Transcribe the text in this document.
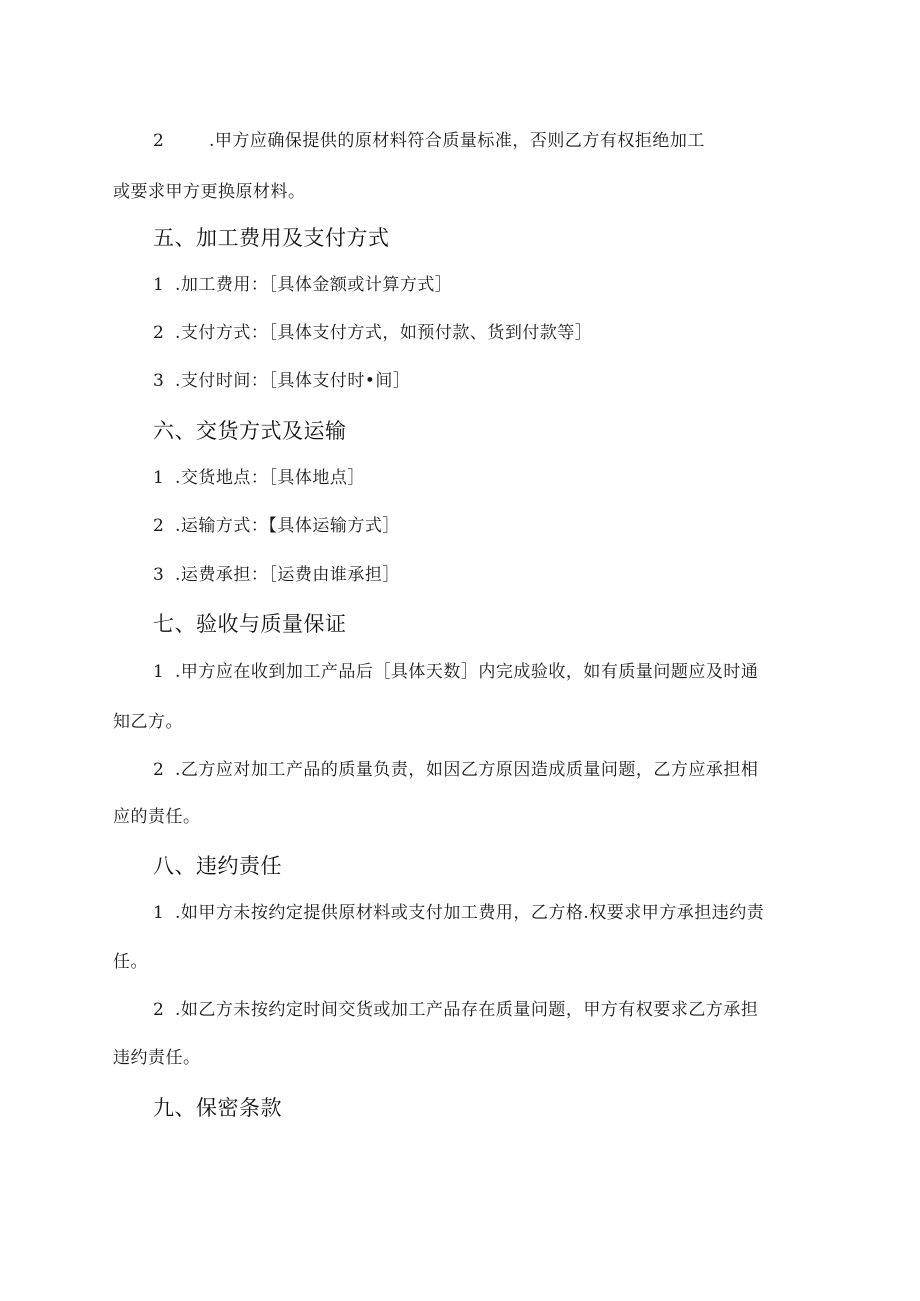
2	.甲方应确保提供的原材料符合质量标准，否则乙方有权拒绝加工
或要求甲方更换原材料。
五、加工费用及支付方式
1 .加工费用：［具体金额或计算方式］
2 .支付方式：［具体支付方式，如预付款、货到付款等］
3 .支付时间：［具体支付时•间］
六、交货方式及运输
1 .交货地点：［具体地点］
2 .运输方式：【具体运输方式］
3 .运费承担：［运费由谁承担］
七、验收与质量保证
1 .甲方应在收到加工产品后［具体天数］内完成验收，如有质量问题应及时通
知乙方。
2 .乙方应对加工产品的质量负责，如因乙方原因造成质量问题，乙方应承担相
应的责任。
八、违约责任
1 .如甲方未按约定提供原材料或支付加工费用，乙方格.权要求甲方承担违约责
任。
2 .如乙方未按约定时间交货或加工产品存在质量问题，甲方有权要求乙方承担
违约责任。
九、保密条款
